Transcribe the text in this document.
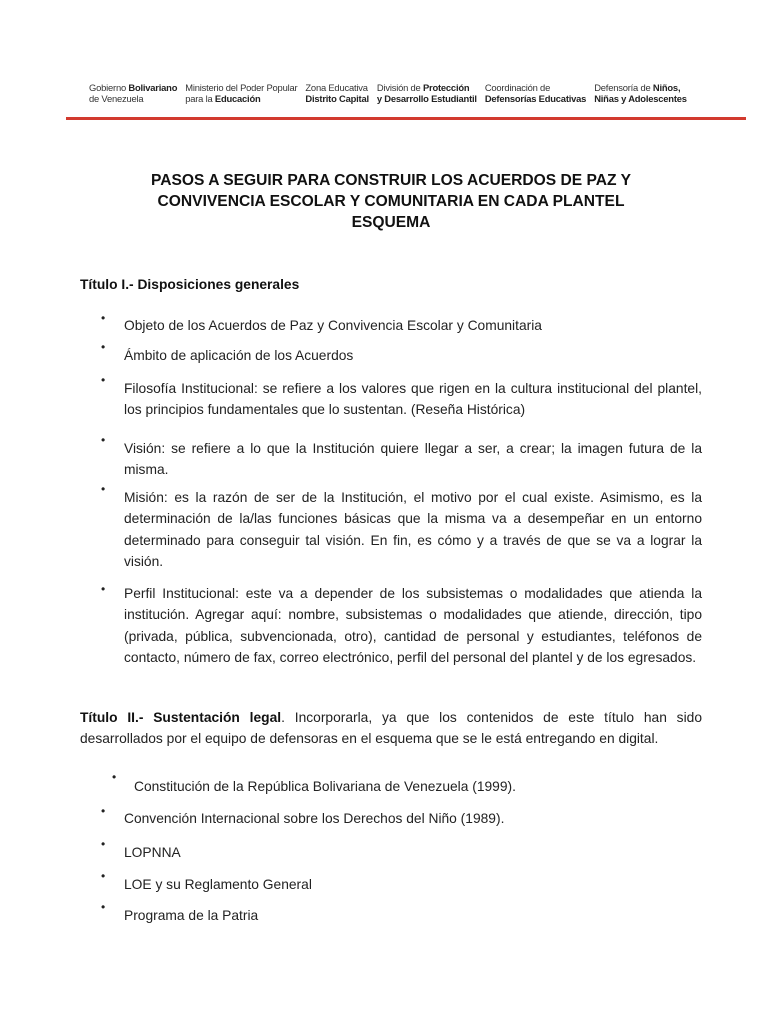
Gobierno Bolivariano
de Venezuela
Ministerio del Poder Popular
para la Educación
Zona Educativa
Distrito Capital
División de Protección
y Desarrollo Estudiantil
Coordinación de
Defensorías Educativas
Defensoría de Niños,
Niñas y Adolescentes
PASOS A SEGUIR PARA CONSTRUIR LOS ACUERDOS DE PAZ Y
CONVIVENCIA ESCOLAR Y COMUNITARIA EN CADA PLANTEL
ESQUEMA
Título I.- Disposiciones generales
• Objeto de los Acuerdos de Paz y Convivencia Escolar y Comunitaria
•
Ámbito de aplicación de los Acuerdos
•
Filosofía Institucional: se refiere a los valores que rigen en la cultura institucional del plantel, los principios fundamentales que lo sustentan. (Reseña Histórica)
•
Visión: se refiere a lo que la Institución quiere llegar a ser, a crear; la imagen futura de la misma.
•
Misión: es la razón de ser de la Institución, el motivo por el cual existe. Asimismo, es la determinación de la/las funciones básicas que la misma va a desempeñar en un entorno determinado para conseguir tal visión. En fin, es cómo y a través de que se va a lograr la visión.
• Perfil Institucional: este va a depender de los subsistemas o modalidades que atienda la institución. Agregar aquí: nombre, subsistemas o modalidades que atiende, dirección, tipo (privada, pública, subvencionada, otro), cantidad de personal y estudiantes, teléfonos de contacto, número de fax, correo electrónico, perfil del personal del plantel y de los egresados.
Título II.- Sustentación legal. Incorporarla, ya que los contenidos de este título han sido desarrollados por el equipo de defensoras en el esquema que se le está entregando en digital.
•
Constitución de la República Bolivariana de Venezuela (1999).
• Convención Internacional sobre los Derechos del Niño (1989).
•
LOPNNA
•
LOE y su Reglamento General
•
Programa de la Patria
